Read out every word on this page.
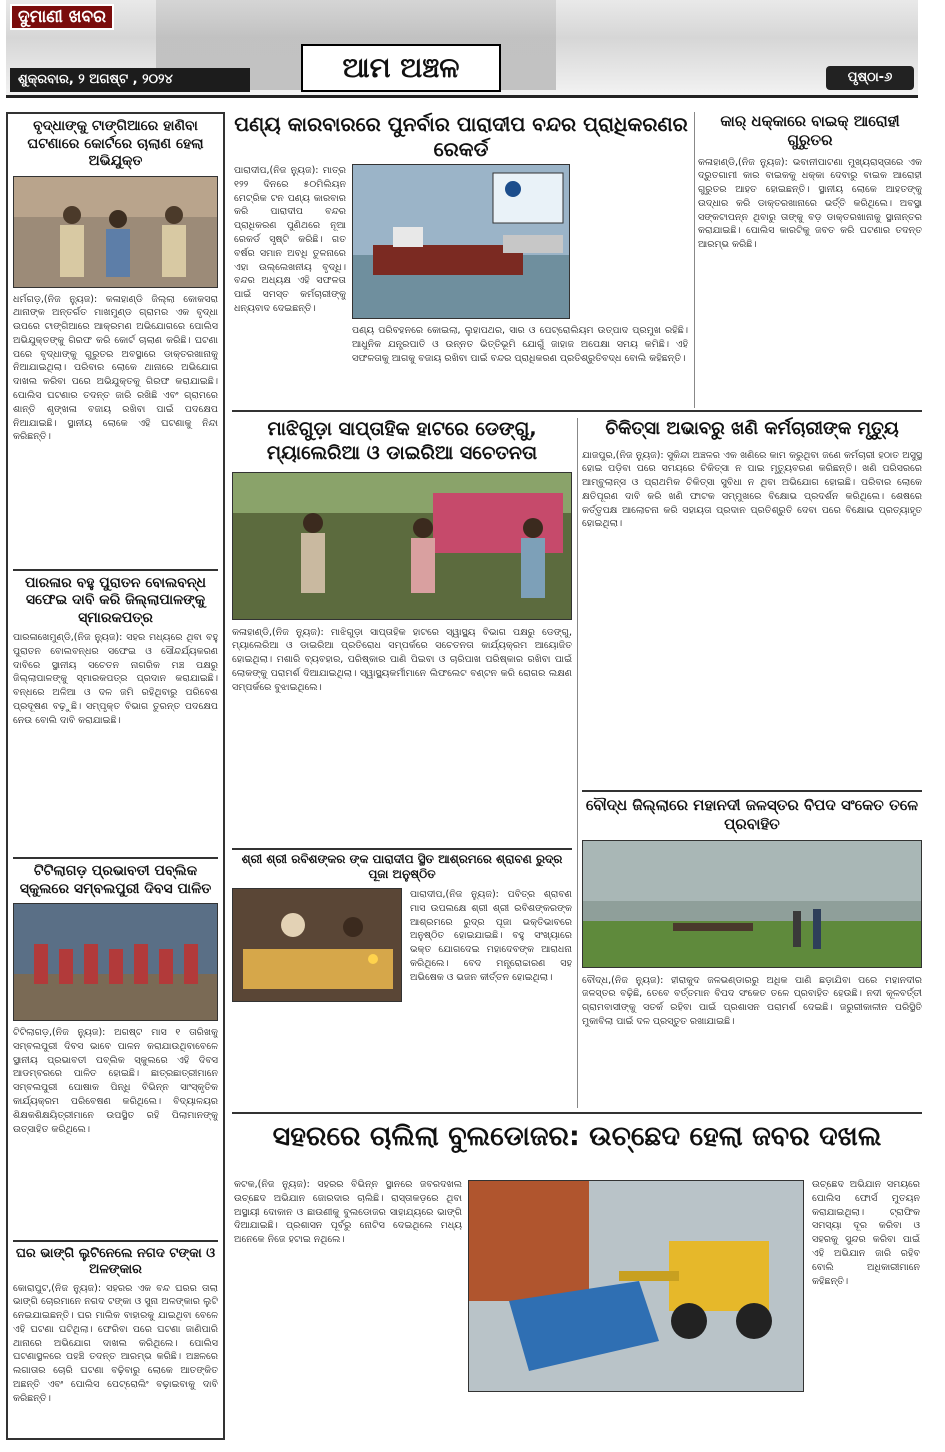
ଦୁମାଣୀ ଖବର
ଆମ ଅଞ୍ଚଳ
ଶୁକ୍ରବାର, ୨ ଅଗଷ୍ଟ , ୨୦୨୪	ପୃଷ୍ଠା-୬
ବୃଦ୍ଧାଙ୍କୁ ଟାଙ୍ଗିଆରେ ହାଣିବା ଘଟଣାରେ କୋର୍ଟରେ ଚାଲାଣ ହେଲା ଅଭିଯୁକ୍ତ
ଧର୍ମଗଡ଼,(ନିଜ ନ୍ୟୁଜ): କଳାହାଣ୍ଡି ଜିଲ୍ଲା କୋକସରା ଥାନାଙ୍କ ଅନ୍ତର୍ଗତ ମାଖମୁଣ୍ଡ ଗ୍ରାମର ଏକ ବୃଦ୍ଧା ଉପରେ ଟାଙ୍ଗିଆରେ ଆକ୍ରମଣ ଅଭିଯୋଗରେ ପୋଲିସ ଅଭିଯୁକ୍ତଙ୍କୁ ଗିରଫ କରି କୋର୍ଟ ଚାଲାଣ କରିଛି। ଘଟଣା ପରେ ବୃଦ୍ଧାଙ୍କୁ ଗୁରୁତର ଅବସ୍ଥାରେ ଡାକ୍ତରଖାନାକୁ ନିଆଯାଇଥିଲା। ପରିବାର ଲୋକେ ଥାନାରେ ଅଭିଯୋଗ ଦାଖଲ କରିବା ପରେ ଅଭିଯୁକ୍ତକୁ ଗିରଫ କରାଯାଇଛି। ପୋଲିସ ଘଟଣାର ତଦନ୍ତ ଜାରି ରଖିଛି ଏବଂ ଗ୍ରାମରେ ଶାନ୍ତି ଶୃଙ୍ଖଳା ବଜାୟ ରଖିବା ପାଇଁ ପଦକ୍ଷେପ ନିଆଯାଇଛି। ସ୍ଥାନୀୟ ଲୋକେ ଏହି ଘଟଣାକୁ ନିନ୍ଦା କରିଛନ୍ତି।
ପାରଳାର ବହୁ ପୁରାତନ ବୋଲବନ୍ଧ ସଫେଇ ଦାବି କରି ଜିଲ୍ଲାପାଳଙ୍କୁ ସ୍ମାରକପତ୍ର
ପାରଳାଖେମୁଣ୍ଡି,(ନିଜ ନ୍ୟୁଜ): ସହର ମଧ୍ୟରେ ଥିବା ବହୁ ପୁରାତନ ବୋଲବନ୍ଧର ସଫେଇ ଓ ସୌନ୍ଦର୍ଯ୍ୟକରଣ ଦାବିରେ ସ୍ଥାନୀୟ ସଚେତନ ନାଗରିକ ମଞ୍ଚ ପକ୍ଷରୁ ଜିଲ୍ଲାପାଳଙ୍କୁ ସ୍ମାରକପତ୍ର ପ୍ରଦାନ କରାଯାଇଛି। ବନ୍ଧରେ ଅଳିଆ ଓ ଦଳ ଜମି ରହିଥିବାରୁ ପରିବେଶ ପ୍ରଦୂଷଣ ବଢ଼ୁଛି। ସମ୍ପୃକ୍ତ ବିଭାଗ ତୁରନ୍ତ ପଦକ୍ଷେପ ନେଉ ବୋଲି ଦାବି କରାଯାଇଛି।
ଟିଟିଲାଗଡ଼ ପ୍ରଭାବତୀ ପବ୍ଲିକ ସ୍କୁଲରେ ସମ୍ବଲପୁରୀ ଦିବସ ପାଳିତ
ଟିଟିଲାଗଡ଼,(ନିଜ ନ୍ୟୁଜ): ଅଗଷ୍ଟ ମାସ ୧ ତାରିଖକୁ ସମ୍ବଲପୁରୀ ଦିବସ ଭାବେ ପାଳନ କରାଯାଉଥିବାବେଳେ ସ୍ଥାନୀୟ ପ୍ରଭାବତୀ ପବ୍ଲିକ ସ୍କୁଲରେ ଏହି ଦିବସ ଆଡମ୍ବରରେ ପାଳିତ ହୋଇଛି। ଛାତ୍ରଛାତ୍ରୀମାନେ ସମ୍ବଲପୁରୀ ପୋଷାକ ପିନ୍ଧି ବିଭିନ୍ନ ସାଂସ୍କୃତିକ କାର୍ଯ୍ୟକ୍ରମ ପରିବେଷଣ କରିଥିଲେ। ବିଦ୍ୟାଳୟର ଶିକ୍ଷକଶିକ୍ଷୟିତ୍ରୀମାନେ ଉପସ୍ଥିତ ରହି ପିଲାମାନଙ୍କୁ ଉତ୍ସାହିତ କରିଥିଲେ।
ଘର ଭାଙ୍ଗି ଲୁଟିନେଲେ ନଗଦ ଟଙ୍କା ଓ ଅଳଙ୍କାର
କୋରାପୁଟ,(ନିଜ ନ୍ୟୁଜ): ସହରର ଏକ ବନ୍ଦ ଘରର ତାଲା ଭାଙ୍ଗି ଚୋରମାନେ ନଗଦ ଟଙ୍କା ଓ ସୁନା ଅଳଙ୍କାର ଲୁଟି ନେଇଯାଇଛନ୍ତି। ଘର ମାଲିକ ବାହାରକୁ ଯାଇଥିବା ବେଳେ ଏହି ଘଟଣା ଘଟିଥିଲା। ଫେରିବା ପରେ ଘଟଣା ଜାଣିପାରି ଥାନାରେ ଅଭିଯୋଗ ଦାଖଲ କରିଥିଲେ। ପୋଲିସ ଘଟଣାସ୍ଥଳରେ ପହଞ୍ଚି ତଦନ୍ତ ଆରମ୍ଭ କରିଛି। ଅଞ୍ଚଳରେ ଲଗାତାର ଚୋରି ଘଟଣା ବଢ଼ିବାରୁ ଲୋକେ ଆତଙ୍କିତ ଅଛନ୍ତି ଏବଂ ପୋଲିସ ପେଟ୍ରୋଲିଂ ବଢ଼ାଇବାକୁ ଦାବି କରିଛନ୍ତି।
ପଣ୍ୟ କାରବାରରେ ପୁନର୍ବାର ପାରାଦୀପ ବନ୍ଦର ପ୍ରାଧିକରଣର ରେକର୍ଡ
ପାରାଦୀପ,(ନିଜ ନ୍ୟୁଜ): ମାତ୍ର ୧୨୨ ଦିନରେ ୫୦ମିଲିୟନ ମେଟ୍ରିକ ଟନ ପଣ୍ୟ କାରବାର କରି ପାରାଦୀପ ବନ୍ଦର ପ୍ରାଧିକରଣ ପୁଣିଥରେ ନୂଆ ରେକର୍ଡ ସୃଷ୍ଟି କରିଛି। ଗତ ବର୍ଷର ସମାନ ଅବଧି ତୁଳନାରେ ଏହା ଉଲ୍ଲେଖନୀୟ ବୃଦ୍ଧି। ବନ୍ଦର ଅଧ୍ୟକ୍ଷ ଏହି ସଫଳତା ପାଇଁ ସମସ୍ତ କର୍ମଚାରୀଙ୍କୁ ଧନ୍ୟବାଦ ଦେଇଛନ୍ତି।
ପଣ୍ୟ ପରିବହନରେ କୋଇଲା, ଲୁହାପଥର, ସାର ଓ ପେଟ୍ରୋଲିୟମ ଉତ୍ପାଦ ପ୍ରମୁଖ ରହିଛି। ଆଧୁନିକ ଯନ୍ତ୍ରପାତି ଓ ଉନ୍ନତ ଭିତ୍ତିଭୂମି ଯୋଗୁଁ ଜାହାଜ ଅପେକ୍ଷା ସମୟ କମିଛି। ଏହି ସଫଳତାକୁ ଆଗକୁ ବଜାୟ ରଖିବା ପାଇଁ ବନ୍ଦର ପ୍ରାଧିକରଣ ପ୍ରତିଶ୍ରୁତିବଦ୍ଧ ବୋଲି କହିଛନ୍ତି।
କାର୍ ଧକ୍କାରେ ବାଇକ୍ ଆରୋହୀ ଗୁରୁତର
କଳାହାଣ୍ଡି,(ନିଜ ନ୍ୟୁଜ): ଭବାନୀପାଟଣା ମୁଖ୍ୟରାସ୍ତାରେ ଏକ ଦ୍ରୁତଗାମୀ କାର ବାଇକକୁ ଧକ୍କା ଦେବାରୁ ବାଇକ ଆରୋହୀ ଗୁରୁତର ଆହତ ହୋଇଛନ୍ତି। ସ୍ଥାନୀୟ ଲୋକେ ଆହତଙ୍କୁ ଉଦ୍ଧାର କରି ଡାକ୍ତରଖାନାରେ ଭର୍ତ୍ତି କରିଥିଲେ। ଅବସ୍ଥା ସଙ୍କଟାପନ୍ନ ଥିବାରୁ ତାଙ୍କୁ ବଡ଼ ଡାକ୍ତରଖାନାକୁ ସ୍ଥାନାନ୍ତର କରାଯାଇଛି। ପୋଲିସ କାରଟିକୁ ଜବତ କରି ଘଟଣାର ତଦନ୍ତ ଆରମ୍ଭ କରିଛି।
ମାଝିଗୁଡ଼ା ସାପ୍ତାହିକ ହାଟରେ ଡେଙ୍ଗୁ, ମ୍ୟାଲେରିଆ ଓ ଡାଇରିଆ ସଚେତନତା
କଳାହାଣ୍ଡି,(ନିଜ ନ୍ୟୁଜ): ମାଝିଗୁଡ଼ା ସାପ୍ତାହିକ ହାଟରେ ସ୍ୱାସ୍ଥ୍ୟ ବିଭାଗ ପକ୍ଷରୁ ଡେଙ୍ଗୁ, ମ୍ୟାଲେରିଆ ଓ ଡାଇରିଆ ପ୍ରତିରୋଧ ସମ୍ପର୍କରେ ସଚେତନତା କାର୍ଯ୍ୟକ୍ରମ ଆୟୋଜିତ ହୋଇଥିଲା। ମଶାରି ବ୍ୟବହାର, ପରିଷ୍କାର ପାଣି ପିଇବା ଓ ଚାରିପାଖ ପରିଷ୍କାର ରଖିବା ପାଇଁ ଲୋକଙ୍କୁ ପରାମର୍ଶ ଦିଆଯାଇଥିଲା। ସ୍ୱାସ୍ଥ୍ୟକର୍ମୀମାନେ ଲିଫଲେଟ ବଣ୍ଟନ କରି ରୋଗର ଲକ୍ଷଣ ସମ୍ପର୍କରେ ବୁଝାଇଥିଲେ।
ଚିକିତ୍ସା ଅଭାବରୁ ଖଣି କର୍ମଚାରୀଙ୍କ ମୃତ୍ୟୁ
ଯାଜପୁର,(ନିଜ ନ୍ୟୁଜ): ସୁକିନ୍ଦା ଅଞ୍ଚଳର ଏକ ଖଣିରେ କାମ କରୁଥିବା ଜଣେ କର୍ମଚାରୀ ହଠାତ ଅସୁସ୍ଥ ହୋଇ ପଡ଼ିବା ପରେ ସମୟରେ ଚିକିତ୍ସା ନ ପାଇ ମୃତ୍ୟୁବରଣ କରିଛନ୍ତି। ଖଣି ପରିସରରେ ଆମ୍ବୁଲାନ୍ସ ଓ ପ୍ରାଥମିକ ଚିକିତ୍ସା ସୁବିଧା ନ ଥିବା ଅଭିଯୋଗ ହୋଇଛି। ପରିବାର ଲୋକେ କ୍ଷତିପୂରଣ ଦାବି କରି ଖଣି ଫାଟକ ସମ୍ମୁଖରେ ବିକ୍ଷୋଭ ପ୍ରଦର୍ଶନ କରିଥିଲେ। ଶେଷରେ କର୍ତ୍ତୃପକ୍ଷ ଆଲୋଚନା କରି ସହାୟତା ପ୍ରଦାନ ପ୍ରତିଶ୍ରୁତି ଦେବା ପରେ ବିକ୍ଷୋଭ ପ୍ରତ୍ୟାହୃତ ହୋଇଥିଲା।
ବୌଦ୍ଧ ଜିଲ୍ଲାରେ ମହାନଦୀ ଜଳସ୍ତର ବିପଦ ସଂକେତ ତଳେ ପ୍ରବାହିତ
ବୌଦ୍ଧ,(ନିଜ ନ୍ୟୁଜ): ହୀରାକୁଦ ଜଳଭଣ୍ଡାରରୁ ଅଧିକ ପାଣି ଛଡ଼ାଯିବା ପରେ ମହାନଦୀର ଜଳସ୍ତର ବଢ଼ିଛି, ତେବେ ବର୍ତ୍ତମାନ ବିପଦ ସଂକେତ ତଳେ ପ୍ରବାହିତ ହେଉଛି। ନଦୀ କୂଳବର୍ତ୍ତୀ ଗ୍ରାମବାସୀଙ୍କୁ ସତର୍କ ରହିବା ପାଇଁ ପ୍ରଶାସନ ପରାମର୍ଶ ଦେଇଛି। ଜରୁରୀକାଳୀନ ପରିସ୍ଥିତି ମୁକାବିଲା ପାଇଁ ଦଳ ପ୍ରସ୍ତୁତ ରଖାଯାଇଛି।
ଶ୍ରୀ ଶ୍ରୀ ରବିଶଙ୍କର ଙ୍କ ପାରାଦୀପ ସ୍ଥିତ ଆଶ୍ରମରେ ଶ୍ରାବଣ ରୁଦ୍ର ପୂଜା ଅନୁଷ୍ଠିତ
ପାରାଦୀପ,(ନିଜ ନ୍ୟୁଜ): ପବିତ୍ର ଶ୍ରାବଣ ମାସ ଉପଲକ୍ଷେ ଶ୍ରୀ ଶ୍ରୀ ରବିଶଙ୍କରଙ୍କ ଆଶ୍ରମରେ ରୁଦ୍ର ପୂଜା ଭକ୍ତିଭାବରେ ଅନୁଷ୍ଠିତ ହୋଇଯାଇଛି। ବହୁ ସଂଖ୍ୟାରେ ଭକ୍ତ ଯୋଗଦେଇ ମହାଦେବଙ୍କ ଆରାଧନା କରିଥିଲେ। ବେଦ ମନ୍ତ୍ରୋଚ୍ଚାରଣ ସହ ଅଭିଷେକ ଓ ଭଜନ କୀର୍ତ୍ତନ ହୋଇଥିଲା।
ସହରରେ ଚାଲିଲା ବୁଲଡୋଜର: ଉଚ୍ଛେଦ ହେଲା ଜବର ଦଖଲ
କଟକ,(ନିଜ ନ୍ୟୁଜ): ସହରର ବିଭିନ୍ନ ସ୍ଥାନରେ ଜବରଦଖଲ ଉଚ୍ଛେଦ ଅଭିଯାନ ଜୋରଦାର ଚାଲିଛି। ରାସ୍ତାକଡ଼ରେ ଥିବା ଅସ୍ଥାୟୀ ଦୋକାନ ଓ ଛାଉଣୀକୁ ବୁଲଡୋଜର ସାହାଯ୍ୟରେ ଭାଙ୍ଗି ଦିଆଯାଇଛି। ପ୍ରଶାସନ ପୂର୍ବରୁ ନୋଟିସ ଦେଇଥିଲେ ମଧ୍ୟ ଅନେକେ ନିଜେ ହଟାଇ ନଥିଲେ।
ଉଚ୍ଛେଦ ଅଭିଯାନ ସମୟରେ ପୋଲିସ ଫୋର୍ସ ମୁତୟନ କରାଯାଇଥିଲା। ଟ୍ରାଫିକ ସମସ୍ୟା ଦୂର କରିବା ଓ ସହରକୁ ସୁନ୍ଦର କରିବା ପାଇଁ ଏହି ଅଭିଯାନ ଜାରି ରହିବ ବୋଲି ଅଧିକାରୀମାନେ କହିଛନ୍ତି।
